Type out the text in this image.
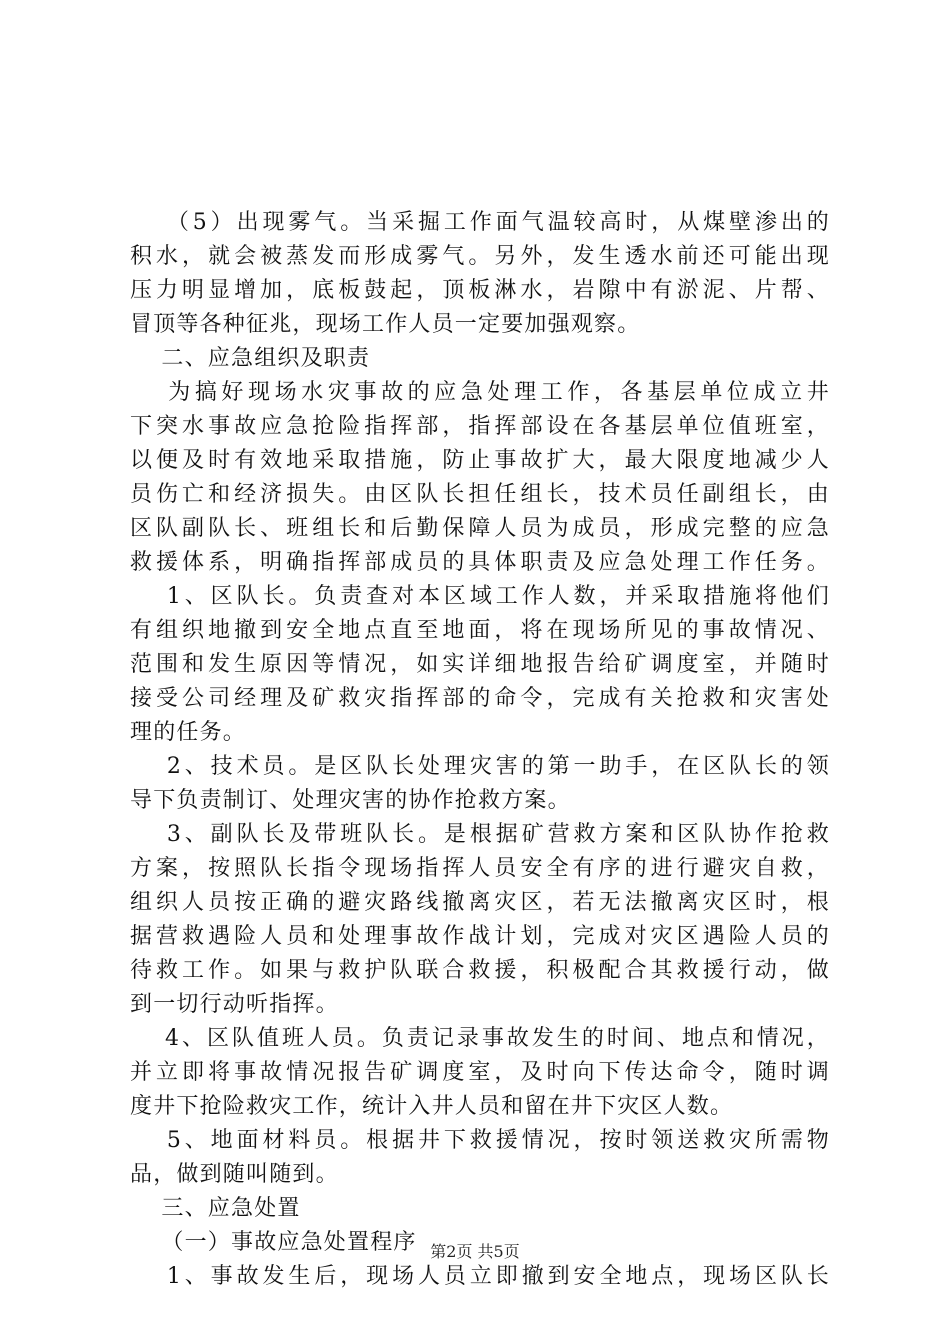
　 （5）出现雾气。当采掘工作面气温较高时，从煤壁渗出的
积水，就会被蒸发而形成雾气。另外，发生透水前还可能出现
压力明显增加，底板鼓起，顶板淋水，岩隙中有淤泥、片帮、
冒顶等各种征兆，现场工作人员一定要加强观察。
　 二、应急组织及职责
　 为搞好现场水灾事故的应急处理工作，各基层单位成立井
下突水事故应急抢险指挥部，指挥部设在各基层单位值班室，
以便及时有效地采取措施，防止事故扩大，最大限度地减少人
员伤亡和经济损失。由区队长担任组长，技术员任副组长，由
区队副队长、班组长和后勤保障人员为成员，形成完整的应急
救援体系，明确指挥部成员的具体职责及应急处理工作任务。
　 1、区队长。负责查对本区域工作人数，并采取措施将他们
有组织地撤到安全地点直至地面，将在现场所见的事故情况、
范围和发生原因等情况，如实详细地报告给矿调度室，并随时
接受公司经理及矿救灾指挥部的命令，完成有关抢救和灾害处
理的任务。
　 2、技术员。是区队长处理灾害的第一助手，在区队长的领
导下负责制订、处理灾害的协作抢救方案。
　 3、副队长及带班队长。是根据矿营救方案和区队协作抢救
方案，按照队长指令现场指挥人员安全有序的进行避灾自救，
组织人员按正确的避灾路线撤离灾区，若无法撤离灾区时，根
据营救遇险人员和处理事故作战计划，完成对灾区遇险人员的
待救工作。如果与救护队联合救援，积极配合其救援行动，做
到一切行动听指挥。
　 4、区队值班人员。负责记录事故发生的时间、地点和情况，
并立即将事故情况报告矿调度室，及时向下传达命令，随时调
度井下抢险救灾工作，统计入井人员和留在井下灾区人数。
　 5、地面材料员。根据井下救援情况，按时领送救灾所需物
品，做到随叫随到。
　 三、应急处置
　 （一）事故应急处置程序
　 1、事故发生后，现场人员立即撤到安全地点，现场区队长
第2页 共5页
